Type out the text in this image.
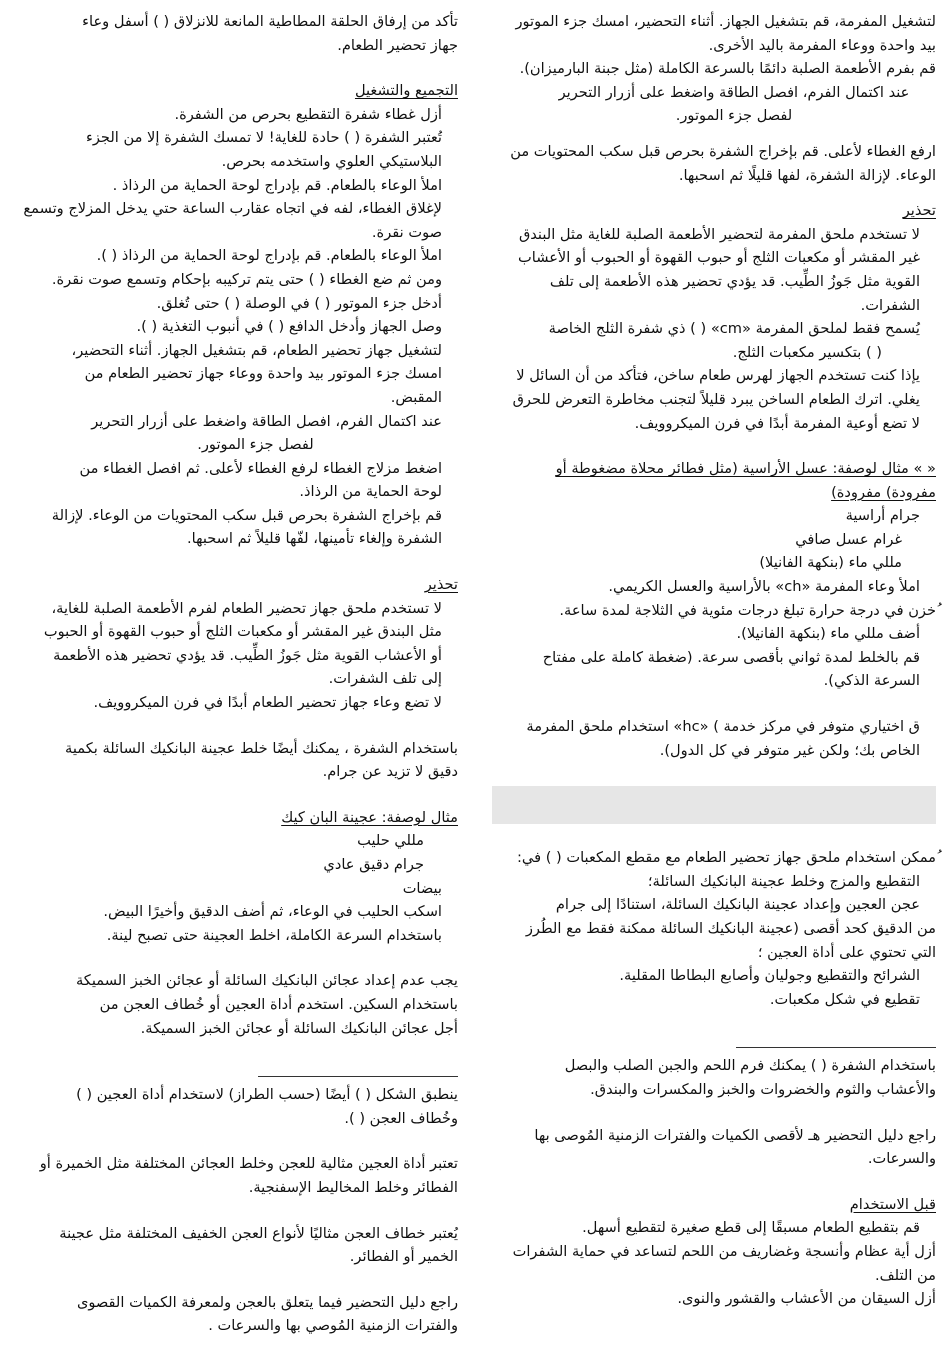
لتشغيل المفرمة، قم بتشغيل الجهاز. أثناء التحضير، امسك جزء الموتور

بيد واحدة ووعاء المفرمة باليد الأخرى.

قم بفرم الأطعمة الصلبة دائمًا بالسرعة الكاملة (مثل جبنة البارميزان).

عند اكتمال الفرم، افصل الطاقة واضغط على أزرار التحرير

لفصل جزء الموتور.

ارفع الغطاء لأعلى. قم بإخراج الشفرة بحرص قبل سكب المحتويات من

الوعاء. لإزالة الشفرة، لفها قليلًا ثم اسحبها.

تحذير

لا تستخدم ملحق المفرمة لتحضير الأطعمة الصلبة للغاية مثل البندق

غير المقشر أو مكعبات الثلج أو حبوب القهوة أو الحبوب أو الأعشاب

القوية مثل جَوزُ الطِّيب. قد يؤدي تحضير هذه الأطعمة إلى تلف

الشفرات.

يُسمح فقط لملحق المفرمة «cm» ( ) ذي شفرة الثلج الخاصة

( ) بتكسير مكعبات الثلج.

يإذا كنت تستخدم الجهاز لهرس طعام ساخن، فتأكد من أن السائل لا

يغلي. اترك الطعام الساخن يبرد قليلاً لتجنب مخاطرة التعرض للحرق

لا تضع أوعية المفرمة أبدًا في فرن الميكروويف.

« » مثال لوصفة: عسل الأراسية (مثل فطائر محلاة مضغوطة أو

مفرودة) مفرودة)

جرام أراسية

غرام عسل صافي

مللي ماء (بنكهة الفانيلا)

املأ وعاء المفرمة «ch» بالأراسية والعسل الكريمي.

ُخزن في درجة حرارة تبلغ درجات مئوية في الثلاجة لمدة ساعة.

أضف مللي ماء (بنكهة الفانيلا).

قم بالخلط لمدة ثواني بأقصى سرعة. (ضغطة كاملة على مفتاح

السرعة الذكي).

ق اختياري متوفر في مركز خدمة ) «hc» استخدام ملحق المفرمة

الخاص بك؛ ولكن غير متوفر في كل الدول).

ُممكن استخدام ملحق جهاز تحضير الطعام مع مقطع المكعبات ( ) في:

التقطيع والمزج وخلط عجينة البانكيك السائلة؛

عجن العجين وإعداد عجينة البانكيك السائلة، استنادًا إلى جرام

من الدقيق كحد أقصى (عجينة البانكيك السائلة ممكنة فقط مع الطُرز

التي تحتوي على أداة العجين ؛

الشرائح والتقطيع وجوليان وأصابع البطاطا المقلية.

تقطيع في شكل مكعبات.

باستخدام الشفرة ( ) يمكنك فرم اللحم والجبن الصلب والبصل

والأعشاب والثوم والخضروات والخبز والمكسرات والبندق.

راجع دليل التحضير هـ لأقصى الكميات والفترات الزمنية المُوصى بها

والسرعات.

قبل الاستخدام

قم بتقطيع الطعام مسبقًا إلى قطع صغيرة لتقطيع أسهل.

أزل أية عظام وأنسجة وغضاريف من اللحم لتساعد في حماية الشفرات

من التلف.

أزل السيقان من الأعشاب والقشور والنوى.

تأكد من إرفاق الحلقة المطاطية المانعة للانزلاق ( ) أسفل وعاء

جهاز تحضير الطعام.

التجميع والتشغيل

أزل غطاء شفرة التقطيع بحرص من الشفرة.

تُعتبر الشفرة ( ) حادة للغاية! لا تمسك الشفرة إلا من الجزء

البلاستيكي العلوي واستخدمه بحرص.

املأ الوعاء بالطعام. قم بإدراج لوحة الحماية من الرذاذ .

لإغلاق الغطاء، لفه في اتجاه عقارب الساعة حتي يدخل المزلاج وتسمع

صوت نقرة.

املأ الوعاء بالطعام. قم بإدراج لوحة الحماية من الرذاذ ( ).

ومن ثم ضع الغطاء ( ) حتى يتم تركيبه بإحكام وتسمع صوت نقرة.

أدخل جزء الموتور ( ) في الوصلة ( ) حتى تُغلق.

وصل الجهاز وأدخل الدافع ( ) في أنبوب التغذية ( ).

لتشغيل جهاز تحضير الطعام، قم بتشغيل الجهاز. أثناء التحضير،

امسك جزء الموتور بيد واحدة ووعاء جهاز تحضير الطعام من

المقبض.

عند اكتمال الفرم، افصل الطاقة واضغط على أزرار التحرير

لفصل جزء الموتور.

اضغط مزلاج الغطاء لرفع الغطاء لأعلى. ثم افصل الغطاء من

لوحة الحماية من الرذاذ.

قم بإخراج الشفرة بحرص قبل سكب المحتويات من الوعاء. لإزالة

الشفرة وإلغاء تأمينها، لفّها قليلاً ثم اسحبها.

تحذير

لا تستخدم ملحق جهاز تحضير الطعام لفرم الأطعمة الصلبة للغاية،

مثل البندق غير المقشر أو مكعبات الثلج أو حبوب القهوة أو الحبوب

أو الأعشاب القوية مثل جَوزُ الطِّيب. قد يؤدي تحضير هذه الأطعمة

إلى تلف الشفرات.

لا تضع وعاء جهاز تحضير الطعام أبدًا في فرن الميكروويف.

باستخدام الشفرة ، يمكنك أيضًا خلط عجينة البانكيك السائلة بكمية

دقيق لا تزيد عن جرام.

مثال لوصفة: عجينة البان كيك

مللي حليب

جرام دقيق عادي

بيضات

اسكب الحليب في الوعاء، ثم أضف الدقيق وأخيرًا البيض.

باستخدام السرعة الكاملة، اخلط العجينة حتى تصبح لينة.

يجب عدم إعداد عجائن البانكيك السائلة أو عجائن الخبز السميكة

باستخدام السكين. استخدم أداة العجين أو خُطاف العجن من

أجل عجائن البانكيك السائلة أو عجائن الخبز السميكة.

ينطبق الشكل ( ) أيضًا (حسب الطراز) لاستخدام أداة العجين ( )

وخُطاف العجن ( ).

تعتبر أداة العجين مثالية للعجن وخلط العجائن المختلفة مثل الخميرة أو

الفطائر وخلط المخاليط الإسفنجية.

يُعتبر خطاف العجن مثاليًا لأنواع العجن الخفيف المختلفة مثل عجينة

الخمير أو الفطائر.

راجع دليل التحضير فيما يتعلق بالعجن ولمعرفة الكميات القصوى

والفترات الزمنية المُوصي بها والسرعات .
